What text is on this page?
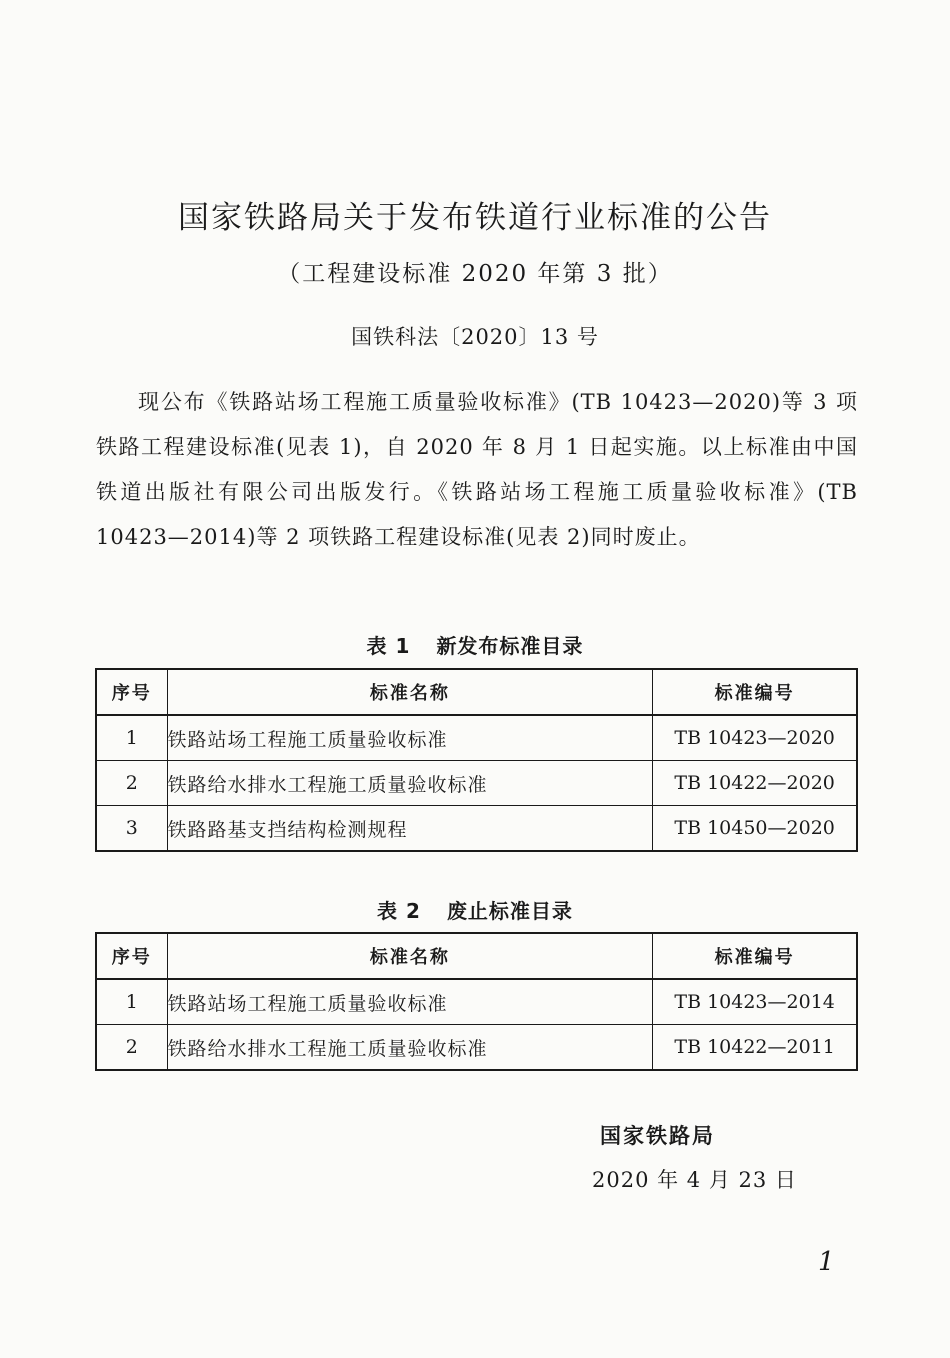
国家铁路局关于发布铁道行业标准的公告
（工程建设标准 2020 年第 3 批）
国铁科法〔2020〕13 号

现公布《铁路站场工程施工质量验收标准》(TB 10423—2020)等 3 项铁路工程建设标准(见表 1)，自 2020 年 8 月 1 日起实施。以上标准由中国铁道出版社有限公司出版发行。《铁路站场工程施工质量验收标准》(TB 10423—2014)等 2 项铁路工程建设标准(见表 2)同时废止。

表 1 新发布标准目录
序号	标准名称	标准编号
1	铁路站场工程施工质量验收标准	TB 10423—2020
2	铁路给水排水工程施工质量验收标准	TB 10422—2020
3	铁路路基支挡结构检测规程	TB 10450—2020
表 2 废止标准目录
序号	标准名称	标准编号
1	铁路站场工程施工质量验收标准	TB 10423—2014
2	铁路给水排水工程施工质量验收标准	TB 10422—2011
国家铁路局
2020 年 4 月 23 日
1
